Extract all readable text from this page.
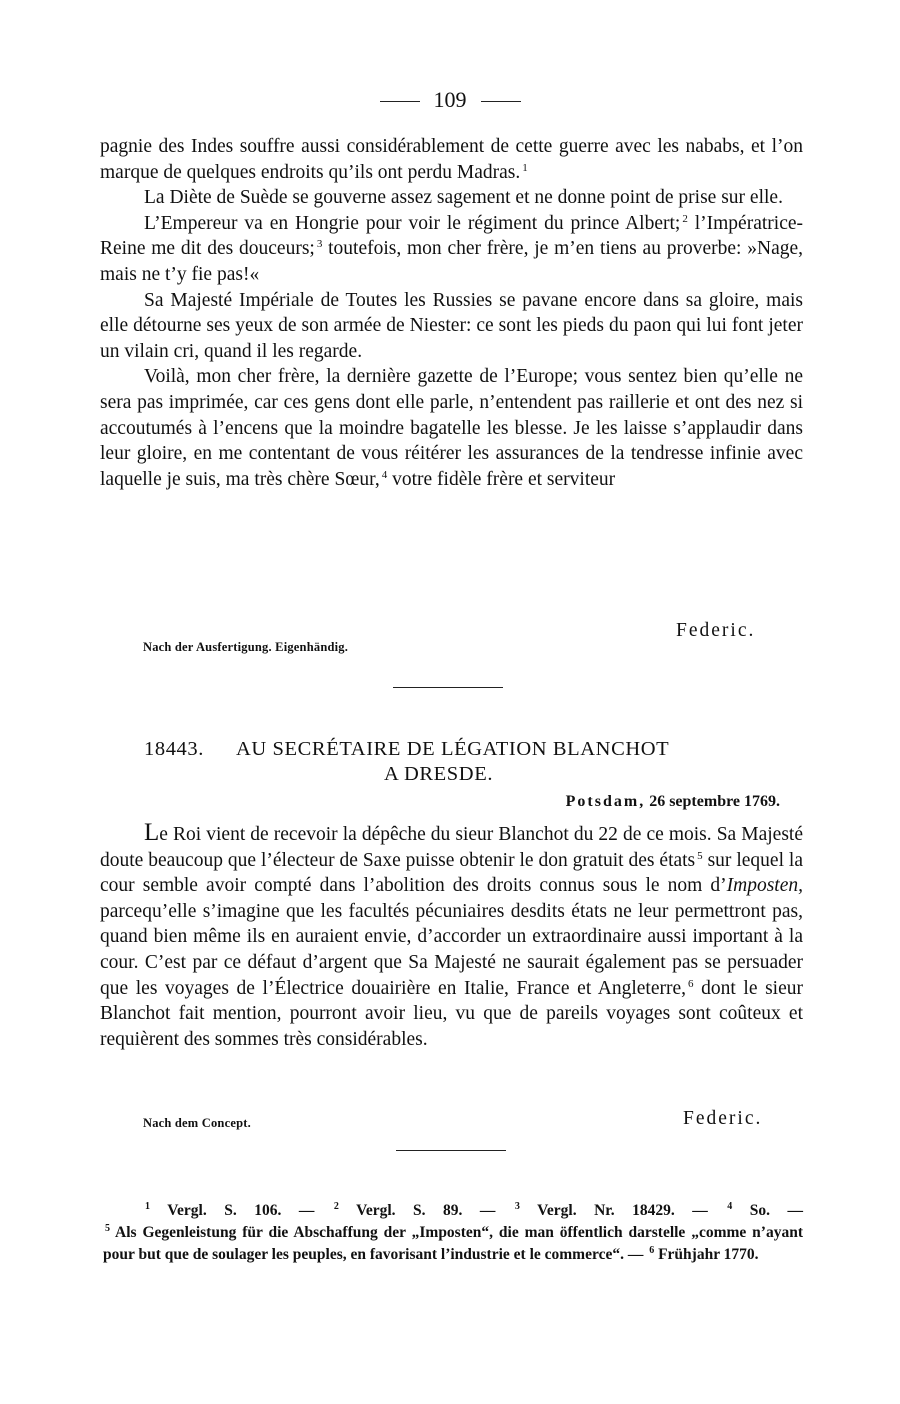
109

pagnie des Indes souffre aussi considérablement de cette guerre avec les nababs, et l’on marque de quelques endroits qu’ils ont perdu Madras. $^1$

La Diète de Suède se gouverne assez sagement et ne donne point de prise sur elle.

L’Empereur va en Hongrie pour voir le régiment du prince Albert; $^2$ l’Impératrice-Reine me dit des douceurs; $^3$ toutefois, mon cher frère, je m’en tiens au proverbe: »Nage, mais ne t’y fie pas!«

Sa Majesté Impériale de Toutes les Russies se pavane encore dans sa gloire, mais elle détourne ses yeux de son armée de Niester: ce sont les pieds du paon qui lui font jeter un vilain cri, quand il les regarde.

Voilà, mon cher frère, la dernière gazette de l’Europe; vous sentez bien qu’elle ne sera pas imprimée, car ces gens dont elle parle, n’entendent pas raillerie et ont des nez si accoutumés à l’encens que la moindre bagatelle les blesse. Je les laisse s’applaudir dans leur gloire, en me contentant de vous réitérer les assurances de la tendresse infinie avec laquelle je suis, ma très chère Sœur, $^4$ votre fidèle frère et serviteur

Federic.
Nach der Ausfertigung. Eigenhändig.
18443. AU SECRÉTAIRE DE LÉGATION BLANCHOT
A DRESDE.
Potsdam, 26 septembre 1769.

Le Roi vient de recevoir la dépêche du sieur Blanchot du 22 de ce mois. Sa Majesté doute beaucoup que l’électeur de Saxe puisse obtenir le don gratuit des états $^5$ sur lequel la cour semble avoir compté dans l’abolition des droits connus sous le nom d’Imposten, parcequ’elle s’imagine que les facultés pécuniaires desdits états ne leur permettront pas, quand bien même ils en auraient envie, d’accorder un extraordinaire aussi important à la cour. C’est par ce défaut d’argent que Sa Majesté ne saurait également pas se persuader que les voyages de l’Électrice douairière en Italie, France et Angleterre, $^6$ dont le sieur Blanchot fait mention, pourront avoir lieu, vu que de pareils voyages sont coûteux et requièrent des sommes très considérables.

Nach dem Concept.	Federic.

$^1$ Vergl. S. 106. — $^2$ Vergl. S. 89. — $^3$ Vergl. Nr. 18429. — $^4$ So. —

$^5$ Als Gegenleistung für die Abschaffung der „Imposten“, die man öffentlich darstelle „comme n’ayant pour but que de soulager les peuples, en favorisant l’industrie et le commerce“. — $^6$ Frühjahr 1770.
